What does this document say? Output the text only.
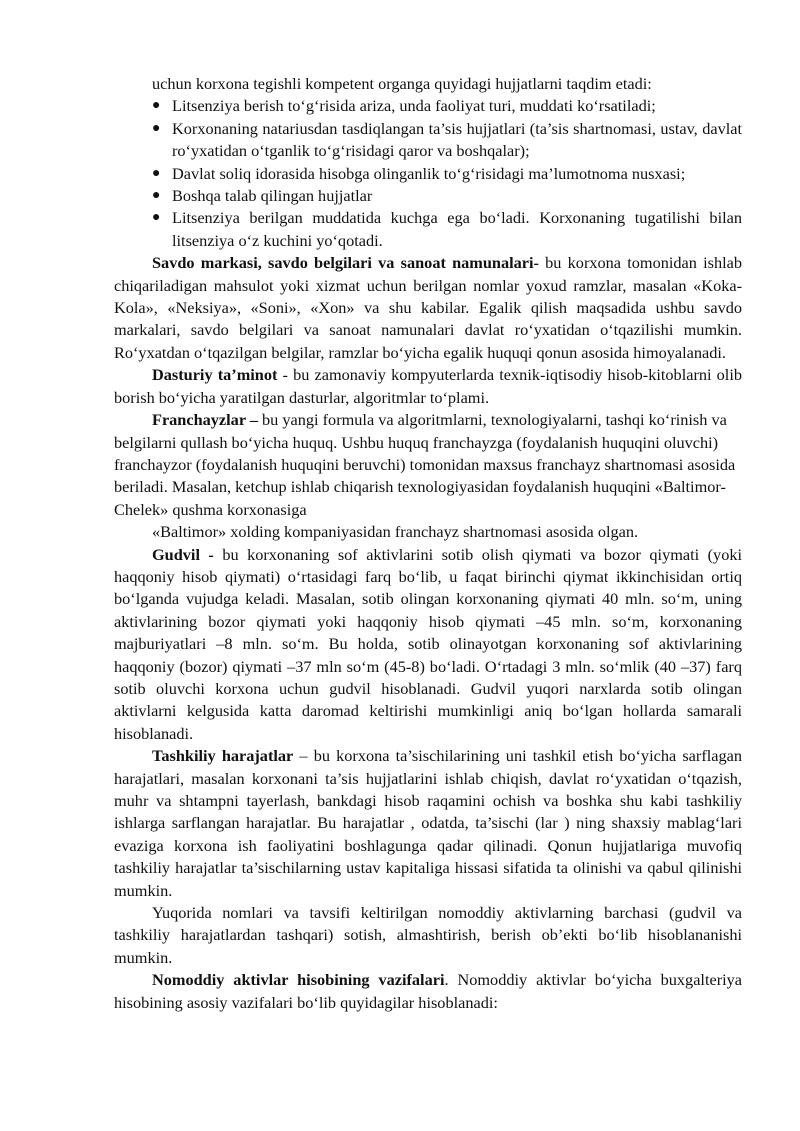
uchun korxona tegishli kompetent organga quyidagi hujjatlarni taqdim etadi:

● Litsenziya berish to‘g‘risida ariza, unda faoliyat turi, muddati ko‘rsatiladi;
● Korxonaning natariusdan tasdiqlangan ta’sis hujjatlari (ta’sis shartnomasi, ustav, davlat ro‘yxatidan o‘tganlik to‘g‘risidagi qaror va boshqalar);
● Davlat soliq idorasida hisobga olinganlik to‘g‘risidagi ma’lumotnoma nusxasi;
● Boshqa talab qilingan hujjatlar
● Litsenziya berilgan muddatida kuchga ega bo‘ladi. Korxonaning tugatilishi bilan litsenziya o‘z kuchini yo‘qotadi.

Savdo markasi, savdo belgilari va sanoat namunalari- bu korxona tomonidan ishlab chiqariladigan mahsulot yoki xizmat uchun berilgan nomlar yoxud ramzlar, masalan «Koka-Kola», «Neksiya», «Soni», «Xon» va shu kabilar. Egalik qilish maqsadida ushbu savdo markalari, savdo belgilari va sanoat namunalari davlat ro‘yxatidan o‘tqazilishi mumkin. Ro‘yxatdan o‘tqazilgan belgilar, ramzlar bo‘yicha egalik huquqi qonun asosida himoyalanadi.

Dasturiy ta’minot - bu zamonaviy kompyuterlarda texnik-iqtisodiy hisob-kitoblarni olib borish bo‘yicha yaratilgan dasturlar, algoritmlar to‘plami.

Franchayzlar – bu yangi formula va algoritmlarni, texnologiyalarni, tashqi ko‘rinish va belgilarni qullash bo‘yicha huquq. Ushbu huquq franchayzga (foydalanish huquqini oluvchi) franchayzor (foydalanish huquqini beruvchi) tomonidan maxsus franchayz shartnomasi asosida beriladi. Masalan, ketchup ishlab chiqarish texnologiyasidan foydalanish huquqini «Baltimor-Chelek» qushma korxonasiga

«Baltimor» xolding kompaniyasidan franchayz shartnomasi asosida olgan.

Gudvil - bu korxonaning sof aktivlarini sotib olish qiymati va bozor qiymati (yoki haqqoniy hisob qiymati) o‘rtasidagi farq bo‘lib, u faqat birinchi qiymat ikkinchisidan ortiq bo‘lganda vujudga keladi. Masalan, sotib olingan korxonaning qiymati 40 mln. so‘m, uning aktivlarining bozor qiymati yoki haqqoniy hisob qiymati –45 mln. so‘m, korxonaning majburiyatlari –8 mln. so‘m. Bu holda, sotib olinayotgan korxonaning sof aktivlarining haqqoniy (bozor) qiymati –37 mln so‘m (45-8) bo‘ladi. O‘rtadagi 3 mln. so‘mlik (40 –37) farq sotib oluvchi korxona uchun gudvil hisoblanadi. Gudvil yuqori narxlarda sotib olingan aktivlarni kelgusida katta daromad keltirishi mumkinligi aniq bo‘lgan hollarda samarali hisoblanadi.

Tashkiliy harajatlar – bu korxona ta’sischilarining uni tashkil etish bo‘yicha sarflagan harajatlari, masalan korxonani ta’sis hujjatlarini ishlab chiqish, davlat ro‘yxatidan o‘tqazish, muhr va shtampni tayerlash, bankdagi hisob raqamini ochish va boshka shu kabi tashkiliy ishlarga sarflangan harajatlar. Bu harajatlar , odatda, ta’sischi (lar ) ning shaxsiy mablag‘lari evaziga korxona ish faoliyatini boshlagunga qadar qilinadi. Qonun hujjatlariga muvofiq tashkiliy harajatlar ta’sischilarning ustav kapitaliga hissasi sifatida ta olinishi va qabul qilinishi mumkin.

Yuqorida nomlari va tavsifi keltirilgan nomoddiy aktivlarning barchasi (gudvil va tashkiliy harajatlardan tashqari) sotish, almashtirish, berish ob’ekti bo‘lib hisoblananishi mumkin.

Nomoddiy aktivlar hisobining vazifalari. Nomoddiy aktivlar bo‘yicha buxgalteriya hisobining asosiy vazifalari bo‘lib quyidagilar hisoblanadi:
